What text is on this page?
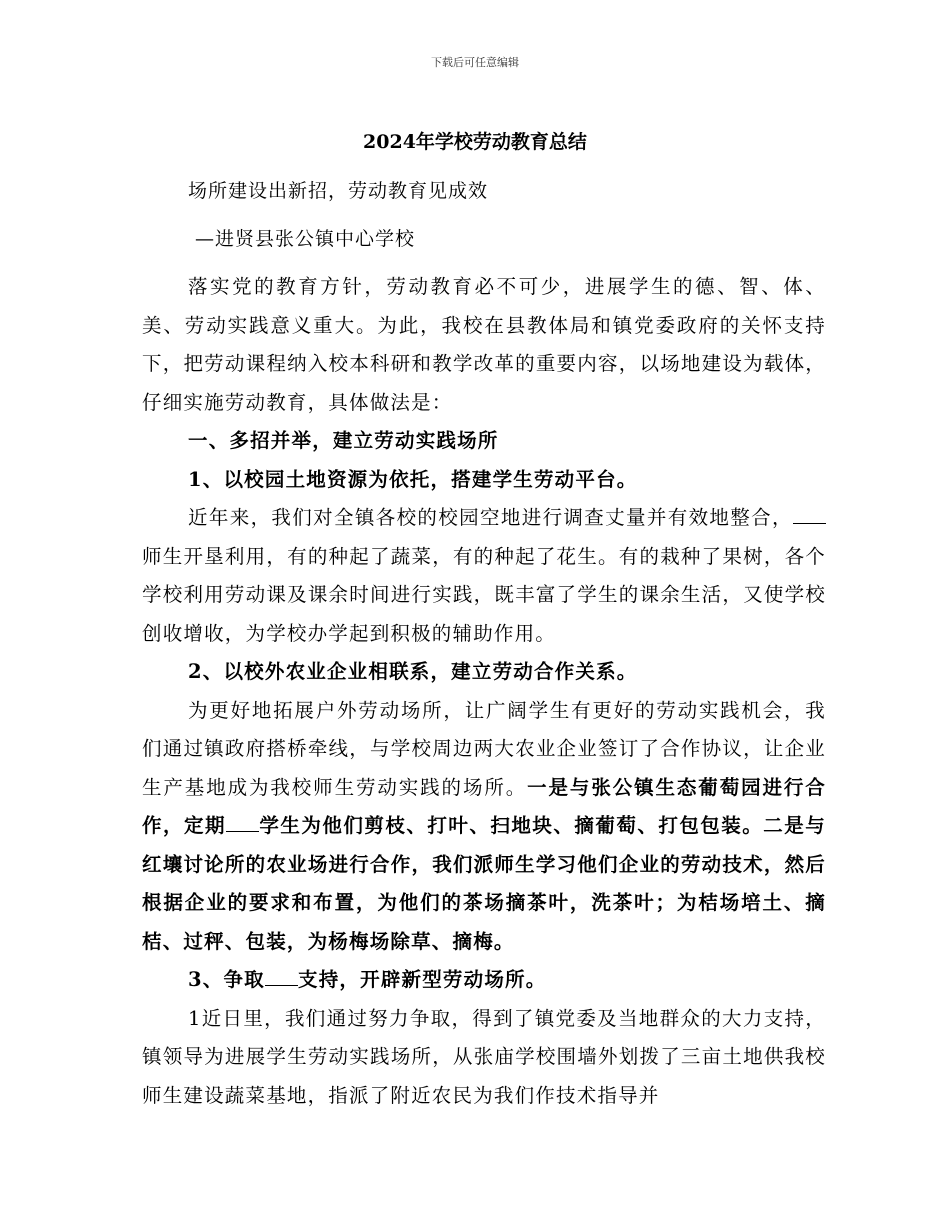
下载后可任意编辑
2024年学校劳动教育总结
场所建设出新招，劳动教育见成效
—进贤县张公镇中心学校

落实党的教育方针，劳动教育必不可少，进展学生的德、智、体、美、劳动实践意义重大。为此，我校在县教体局和镇党委政府的关怀支持下，把劳动课程纳入校本科研和教学改革的重要内容，以场地建设为载体，仔细实施劳动教育，具体做法是：

一、多招并举，建立劳动实践场所

1、以校园土地资源为依托，搭建学生劳动平台。

近年来，我们对全镇各校的校园空地进行调查丈量并有效地整合，师生开垦利用，有的种起了蔬菜，有的种起了花生。有的栽种了果树，各个学校利用劳动课及课余时间进行实践，既丰富了学生的课余生活，又使学校创收增收，为学校办学起到积极的辅助作用。

2、以校外农业企业相联系，建立劳动合作关系。

为更好地拓展户外劳动场所，让广阔学生有更好的劳动实践机会，我们通过镇政府搭桥牵线，与学校周边两大农业企业签订了合作协议，让企业生产基地成为我校师生劳动实践的场所。一是与张公镇生态葡萄园进行合作，定期 学生为他们剪枝、打叶、扫地块、摘葡萄、打包包装。二是与红壤讨论所的农业场进行合作，我们派师生学习他们企业的劳动技术，然后根据企业的要求和布置，为他们的茶场摘茶叶，洗茶叶；为桔场培土、摘桔、过秤、包装，为杨梅场除草、摘梅。

3、争取 支持，开辟新型劳动场所。

1近日里，我们通过努力争取，得到了镇党委及当地群众的大力支持，镇领导为进展学生劳动实践场所，从张庙学校围墙外划拨了三亩土地供我校师生建设蔬菜基地，指派了附近农民为我们作技术指导并
